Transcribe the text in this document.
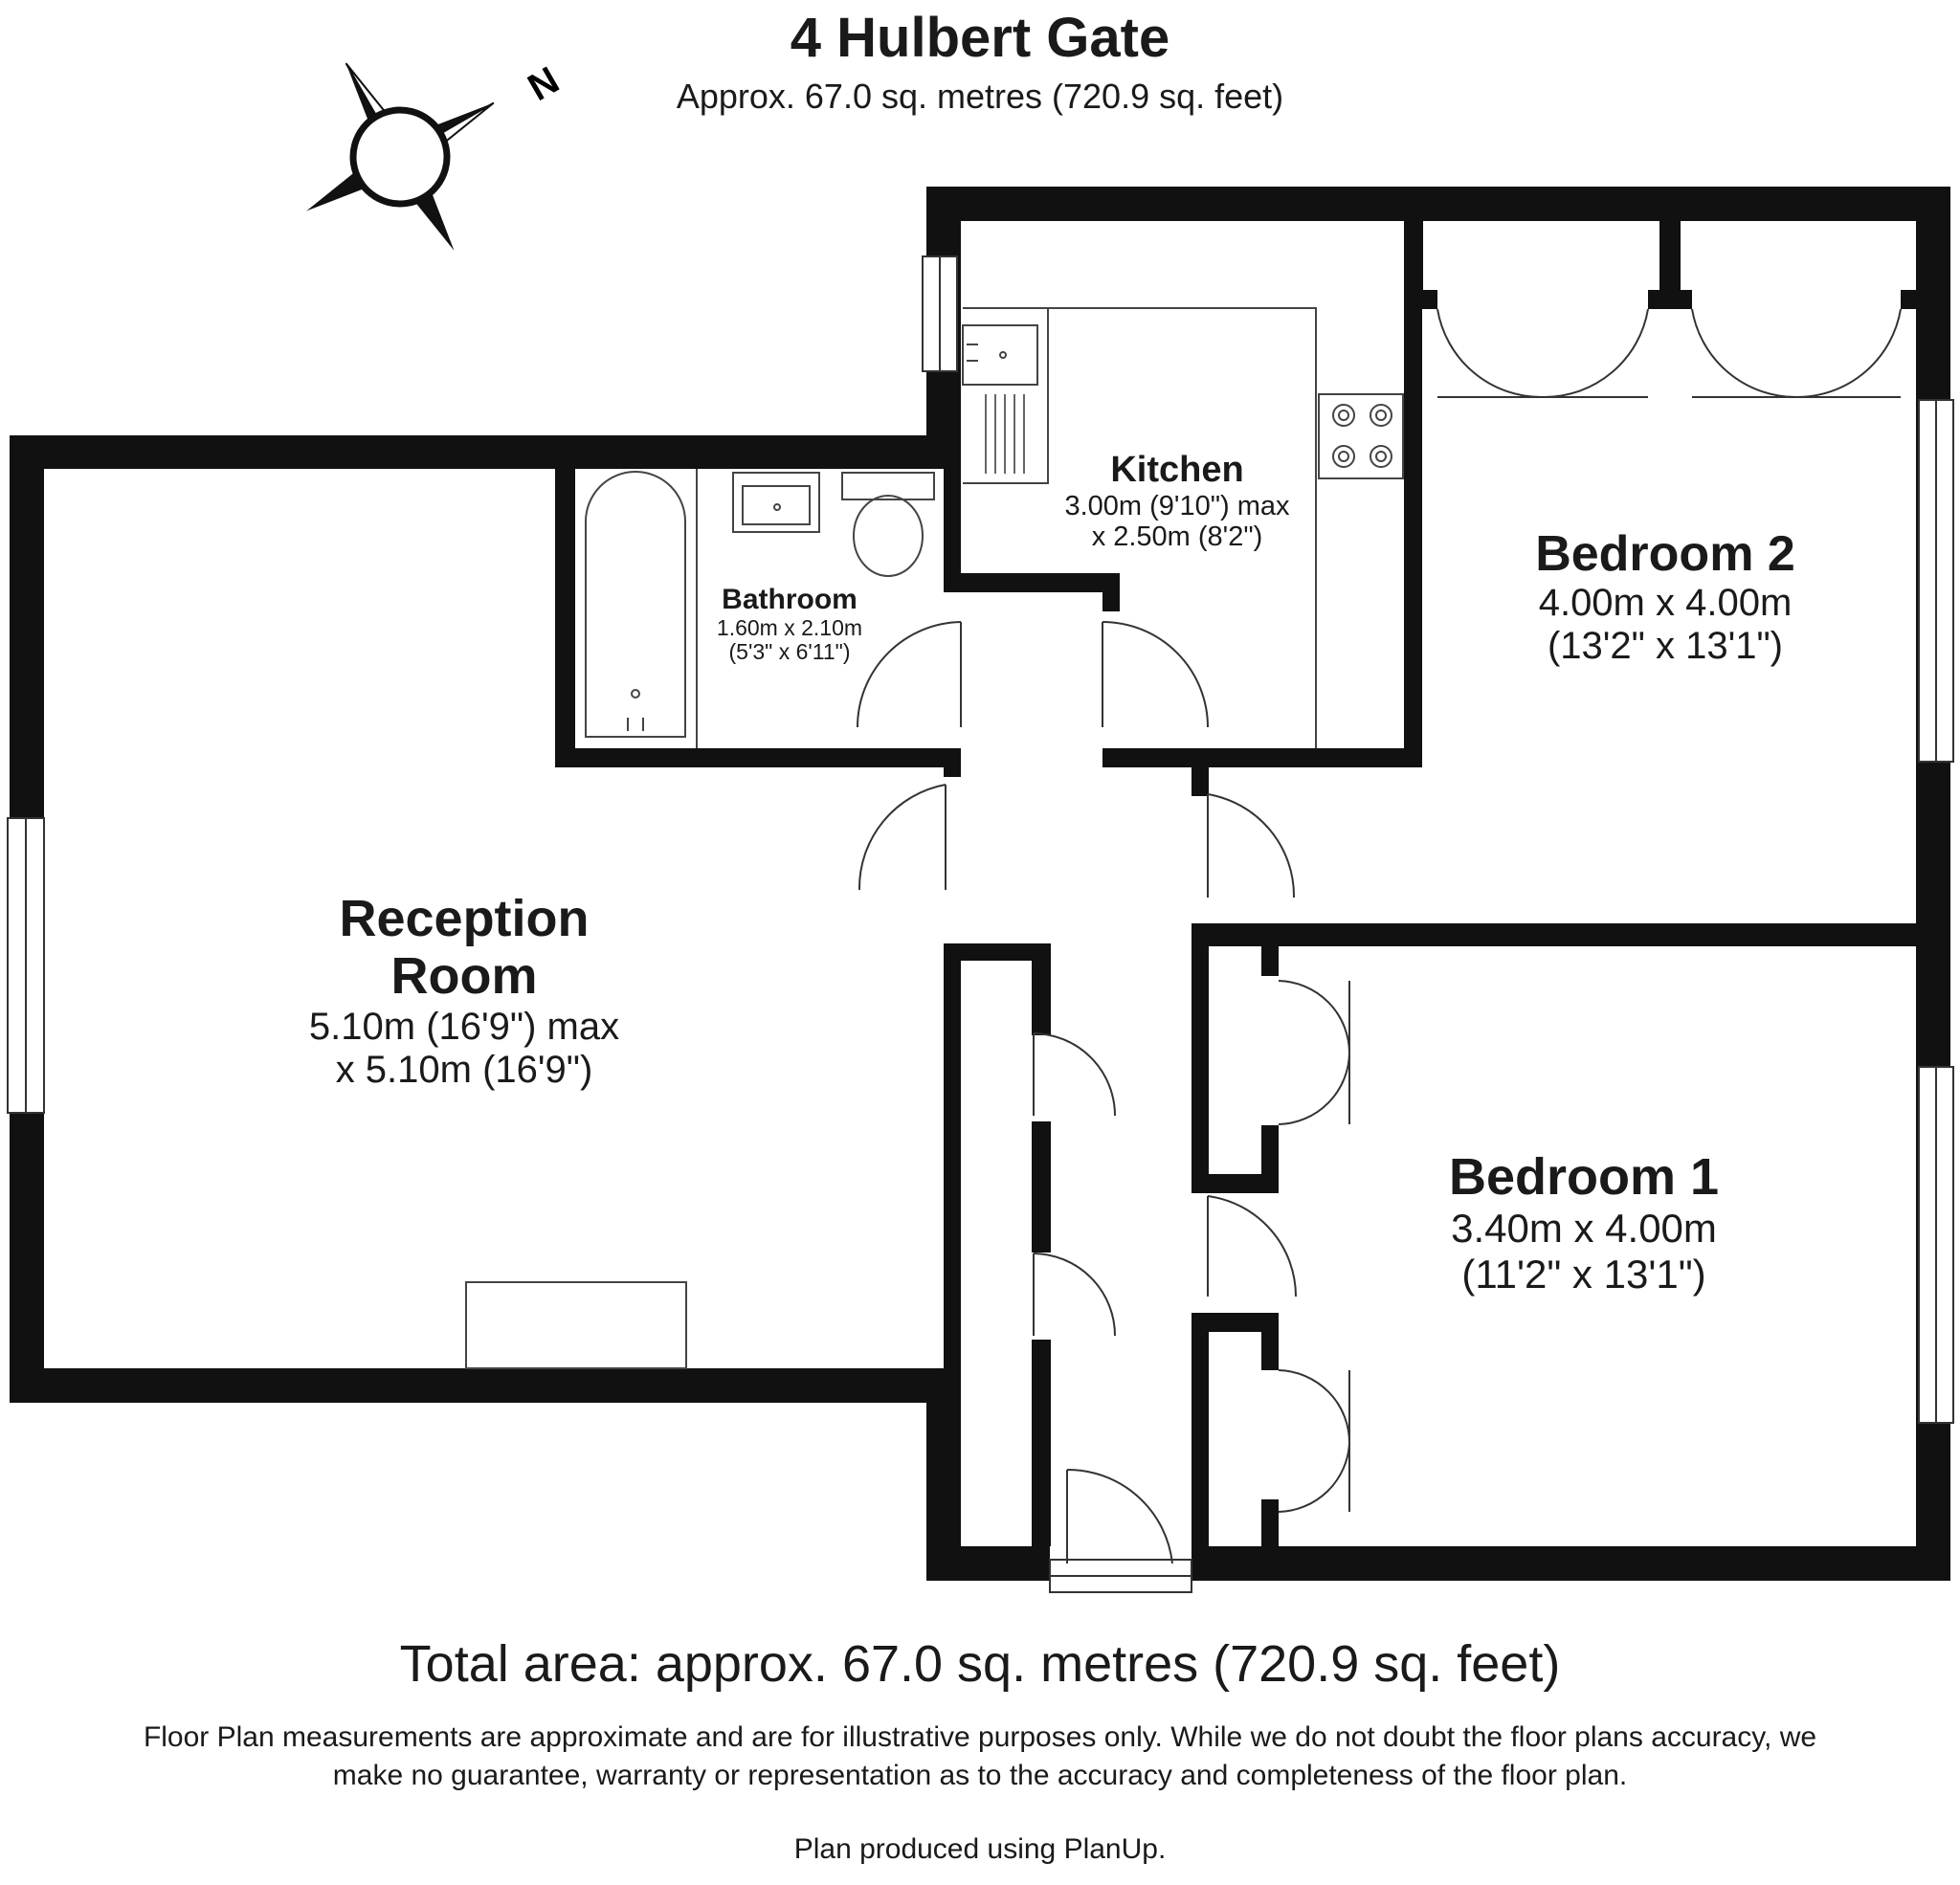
4 Hulbert Gate
Approx. 67.0 sq. metres (720.9 sq. feet)
N
Kitchen
3.00m (9'10") max
x 2.50m (8'2")
Bathroom
1.60m x 2.10m
(5'3" x 6'11")
Bedroom 2
4.00m x 4.00m
(13'2" x 13'1")
Reception
Room
5.10m (16'9") max
x 5.10m (16'9")
Bedroom 1
3.40m x 4.00m
(11'2" x 13'1")
Total area: approx. 67.0 sq. metres (720.9 sq. feet)
Floor Plan measurements are approximate and are for illustrative purposes only. While we do not doubt the floor plans accuracy, we make no guarantee, warranty or representation as to the accuracy and completeness of the floor plan.
Plan produced using PlanUp.
